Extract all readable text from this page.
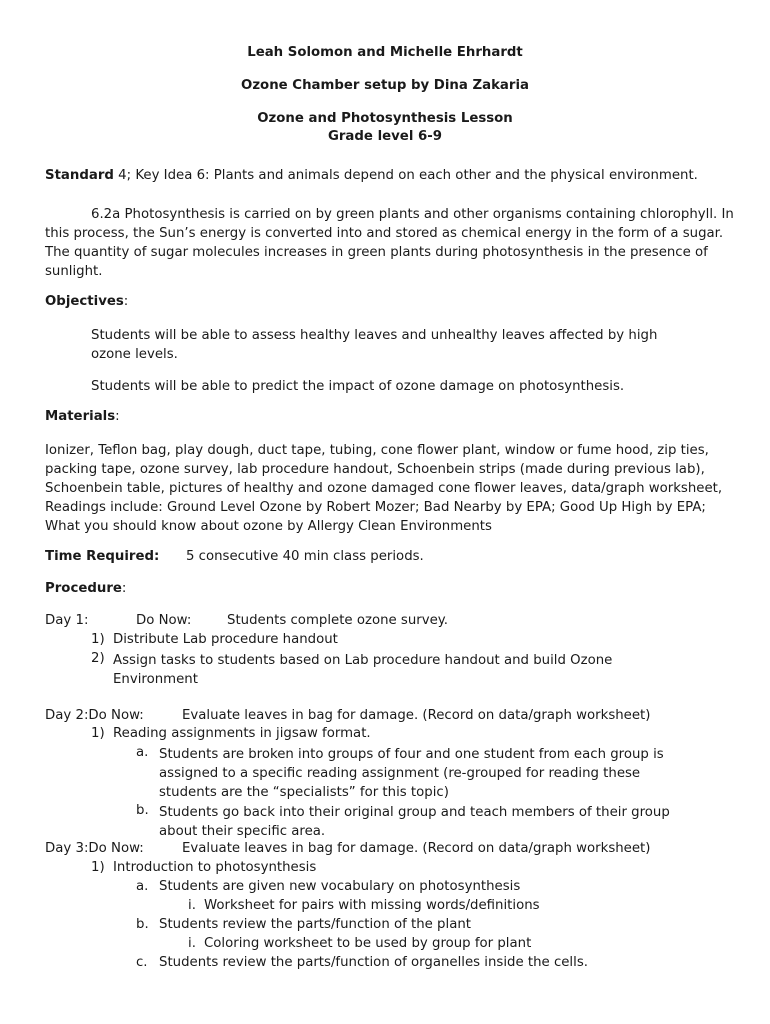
Leah Solomon and Michelle Ehrhardt
Ozone Chamber setup by Dina Zakaria
Ozone and Photosynthesis Lesson
Grade level 6-9
Standard 4; Key Idea 6: Plants and animals depend on each other and the physical environment.
6.2a Photosynthesis is carried on by green plants and other organisms containing chlorophyll. In this process, the Sun’s energy is converted into and stored as chemical energy in the form of a sugar. The quantity of sugar molecules increases in green plants during photosynthesis in the presence of sunlight.
Objectives:
Students will be able to assess healthy leaves and unhealthy leaves affected by high ozone levels.
Students will be able to predict the impact of ozone damage on photosynthesis.
Materials:
Ionizer, Teflon bag, play dough, duct tape, tubing, cone flower plant, window or fume hood, zip ties, packing tape, ozone survey, lab procedure handout, Schoenbein strips (made during previous lab), Schoenbein table, pictures of healthy and ozone damaged cone flower leaves, data/graph worksheet, Readings include: Ground Level Ozone by Robert Mozer; Bad Nearby by EPA; Good Up High by EPA; What you should know about ozone by Allergy Clean Environments
Time Required: 5 consecutive 40 min class periods.
Procedure:
Day 1:	Do Now:	Students complete ozone survey.
1) Distribute Lab procedure handout
2) Assign tasks to students based on Lab procedure handout and build Ozone Environment
Day 2:Do Now:	Evaluate leaves in bag for damage. (Record on data/graph worksheet)
1) Reading assignments in jigsaw format.
a. Students are broken into groups of four and one student from each group is assigned to a specific reading assignment (re-grouped for reading these students are the “specialists” for this topic)
b. Students go back into their original group and teach members of their group about their specific area.
Day 3:Do Now:	Evaluate leaves in bag for damage. (Record on data/graph worksheet)
1) Introduction to photosynthesis
a. Students are given new vocabulary on photosynthesis
i. Worksheet for pairs with missing words/definitions
b. Students review the parts/function of the plant
i. Coloring worksheet to be used by group for plant
c. Students review the parts/function of organelles inside the cells.
